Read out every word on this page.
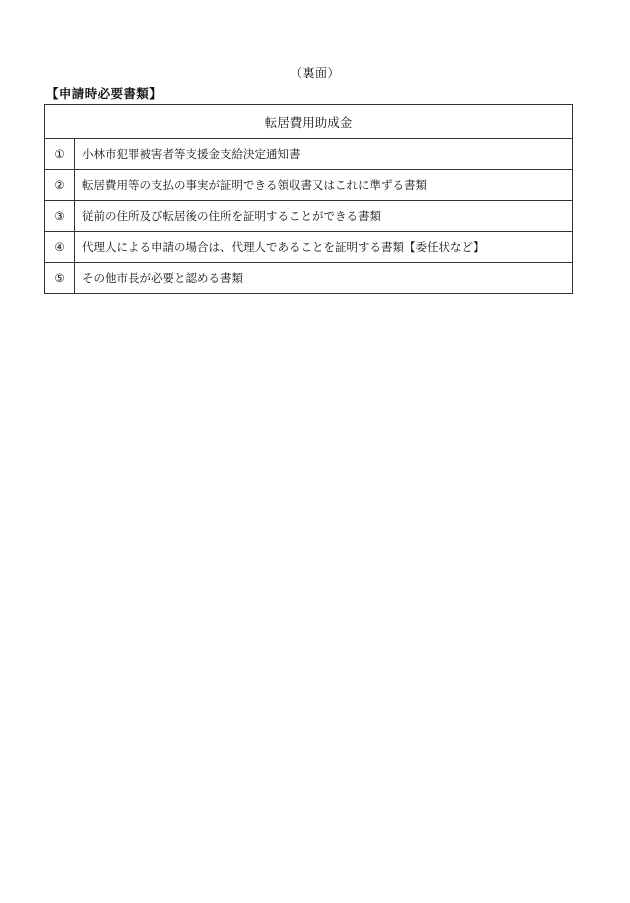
（裏面）
【申請時必要書類】
転居費用助成金	
①	小林市犯罪被害者等支援金支給決定通知書
②	転居費用等の支払の事実が証明できる領収書又はこれに準ずる書類
③	従前の住所及び転居後の住所を証明することができる書類
④	代理人による申請の場合は、代理人であることを証明する書類【委任状など】
⑤	その他市長が必要と認める書類
